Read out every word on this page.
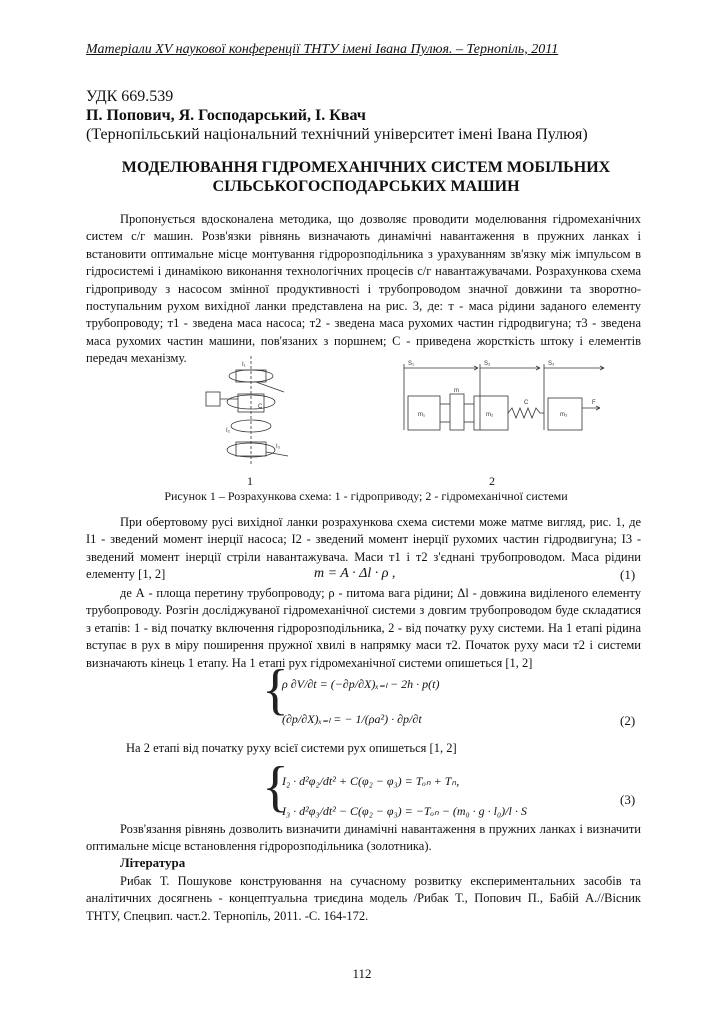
Матеріали XV наукової конференції ТНТУ імені Івана Пулюя. – Тернопіль, 2011
УДК 669.539
П. Попович, Я. Господарський, І. Квач
(Тернопільський національний технічний університет імені Івана Пулюя)
МОДЕЛЮВАННЯ ГІДРОМЕХАНІЧНИХ СИСТЕМ МОБІЛЬНИХ
СІЛЬСЬКОГОСПОДАРСЬКИХ МАШИН
Пропонується вдосконалена методика, що дозволяє проводити моделювання гідромеханічних систем с/г машин. Розв'язки рівнянь визначають динамічні навантаження в пружних ланках і встановити оптимальне місце монтування гідророзподільника з урахуванням зв'язку між імпульсом в гідросистемі і динамікою виконання технологічних процесів с/г навантажувачами. Розрахункова схема гідроприводу з насосом змінної продуктивності і трубопроводом значної довжини та зворотно-поступальним рухом вихідної ланки представлена на рис. 3, де: т - маса рідини заданого елементу трубопроводу; т1 - зведена маса насоса; т2 - зведена маса рухомих частин гідродвигуна; т3 - зведена маса рухомих частин машини, пов'язаних з поршнем; С - приведена жорсткість штоку і елементів передач механізму.	I₁
I₂
I₃
C
1
S₁	S₂	S₃
m₁
m
m₂
C
m₃
F
2
Рисунок 1 – Розрахункова схема: 1 - гідроприводу; 2 - гідромеханічної системи
При обертовому русі вихідної ланки розрахункова схема системи може матме вигляд, рис. 1, де І1 - зведений момент інерції насоса; І2 - зведений момент інерції рухомих частин гідродвигуна; І3 - зведений момент інерції стріли навантажувача. Маси т1 і т2 з'єднані трубопроводом. Маса рідини елементу [1, 2]	m = A · Δl · ρ ,	(1)
де А - площа перетину трубопроводу; ρ - питома вага рідини; Δl - довжина виділеного елементу трубопроводу. Розгін досліджуваної гідромеханічної системи з довгим трубопроводом буде складатися з етапів: 1 - від початку включення гідророзподільника, 2 - від початку руху системи. На 1 етапі рідина вступає в рух в міру поширення пружної хвилі в напрямку маси т2. Початок руху маси т2 і системи визначають кінець 1 етапу. На 1 етапі рух гідромеханічної системи опишеться [1, 2]
{
ρ ∂V/∂t = (−∂p/∂X)ₓ₌ₗ − 2h · p(t)
(∂p/∂X)ₓ₌ₗ = − 1/(ρa²) · ∂p/∂t	(2)
На 2 етапі від початку руху всієї системи рух опишеться [1, 2]
{
I₂ · d²φ₂/dt² + C(φ₂ − φ₃) = Tₒₙ + Tₙ,
I₃ · d²φ₃/dt² − C(φ₂ − φ₃) = −Tₒₙ − (m₀ · g · l₀)/l · S
(3)
Розв'язання рівнянь дозволить визначити динамічні навантаження в пружних ланках і визначити оптимальне місце встановлення гідророзподільника (золотника).
Література
Рибак Т. Пошукове конструювання на сучасному розвитку експериментальних засобів та аналітичних досягнень - концептуальна триєдина модель /Рибак Т., Попович П., Бабій А.//Вісник ТНТУ, Спецвип. част.2. Тернопіль, 2011. -С. 164-172.
112
